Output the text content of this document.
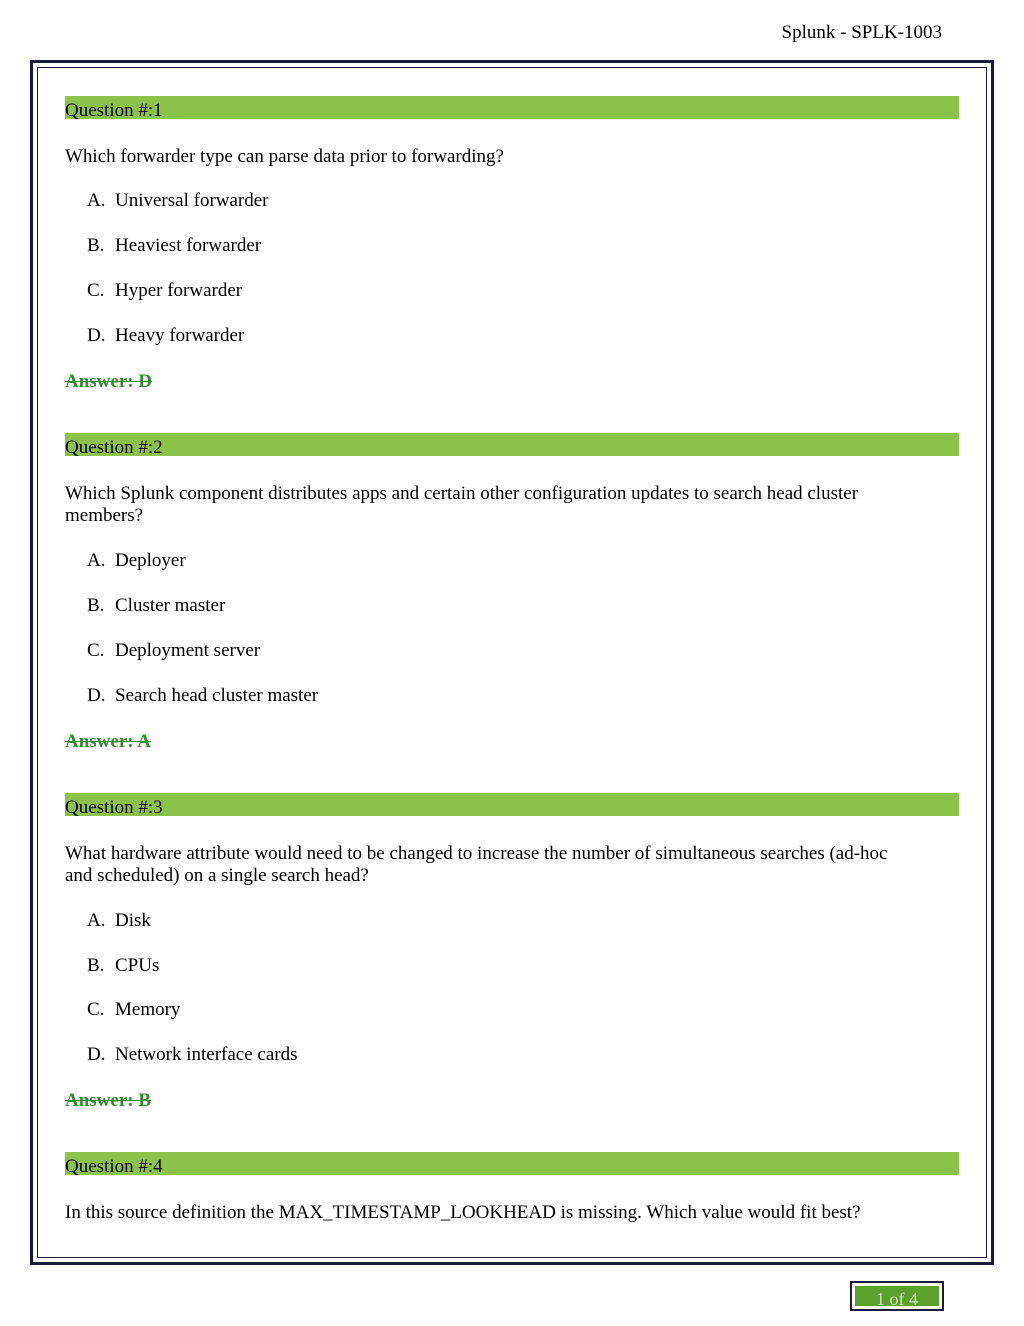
Splunk - SPLK-1003
Question #:1
Which forwarder type can parse data prior to forwarding?
A. Universal forwarder
B. Heaviest forwarder
C. Hyper forwarder
D. Heavy forwarder
Answer: D
Question #:2
Which Splunk component distributes apps and certain other configuration updates to search head cluster
members?
A. Deployer
B. Cluster master
C. Deployment server
D. Search head cluster master
Answer: A
Question #:3
What hardware attribute would need to be changed to increase the number of simultaneous searches (ad-hoc
and scheduled) on a single search head?
A. Disk
B. CPUs
C. Memory
D. Network interface cards
Answer: B
Question #:4
In this source definition the MAX_TIMESTAMP_LOOKHEAD is missing. Which value would fit best?
1 of 4
